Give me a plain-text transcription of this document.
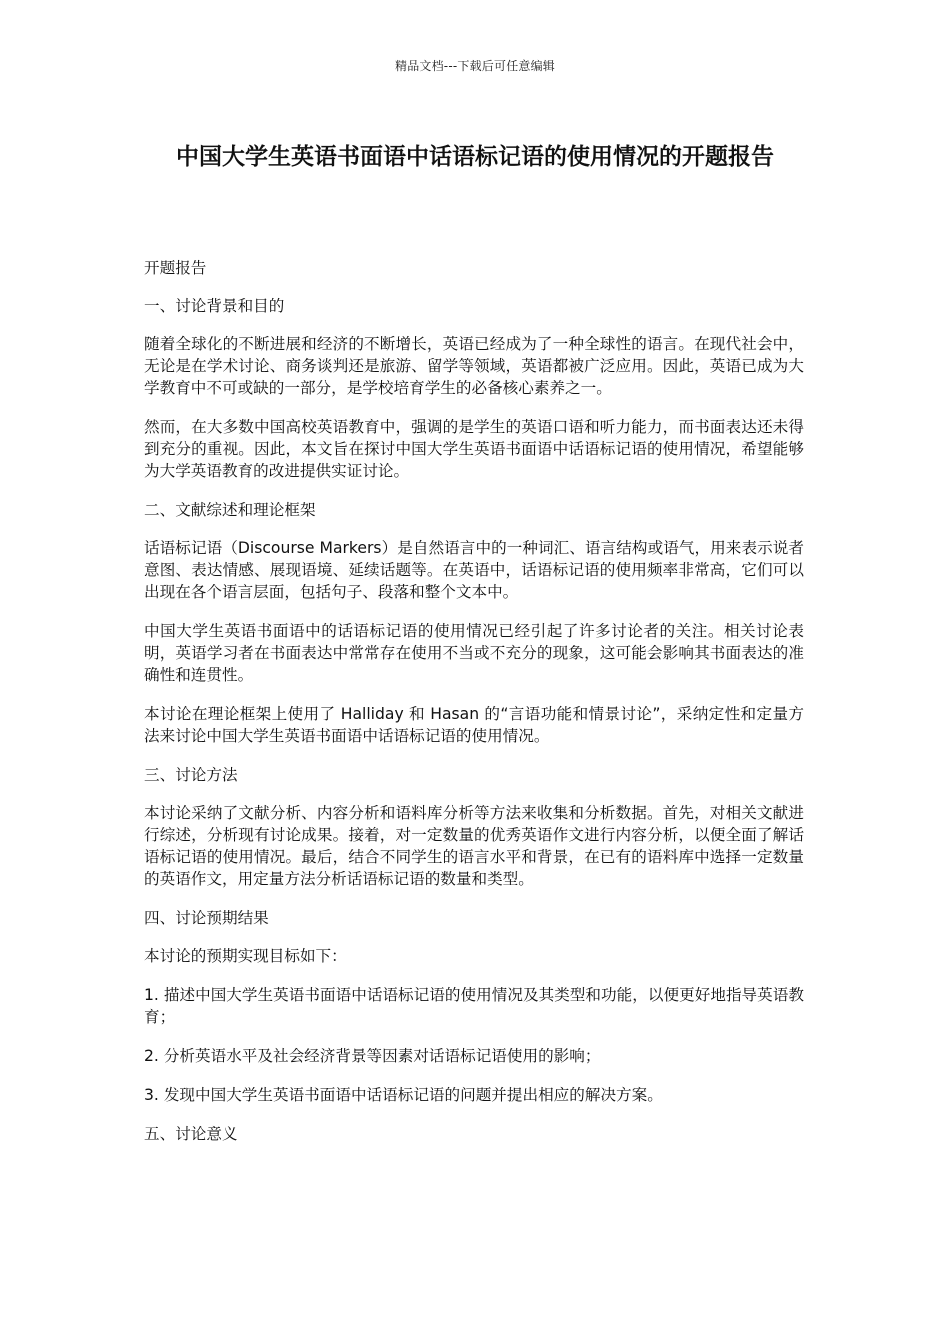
精品文档---下载后可任意编辑
中国大学生英语书面语中话语标记语的使用情况的开题报告

开题报告

一、讨论背景和目的

随着全球化的不断进展和经济的不断增长，英语已经成为了一种全球性的语言。在现代社会中，无论是在学术讨论、商务谈判还是旅游、留学等领域，英语都被广泛应用。因此，英语已成为大学教育中不可或缺的一部分，是学校培育学生的必备核心素养之一。

然而，在大多数中国高校英语教育中，强调的是学生的英语口语和听力能力，而书面表达还未得到充分的重视。因此，本文旨在探讨中国大学生英语书面语中话语标记语的使用情况，希望能够为大学英语教育的改进提供实证讨论。

二、文献综述和理论框架

话语标记语（Discourse Markers）是自然语言中的一种词汇、语言结构或语气，用来表示说者意图、表达情感、展现语境、延续话题等。在英语中，话语标记语的使用频率非常高，它们可以出现在各个语言层面，包括句子、段落和整个文本中。

中国大学生英语书面语中的话语标记语的使用情况已经引起了许多讨论者的关注。相关讨论表明，英语学习者在书面表达中常常存在使用不当或不充分的现象，这可能会影响其书面表达的准确性和连贯性。

本讨论在理论框架上使用了 Halliday 和 Hasan 的“言语功能和情景讨论”，采纳定性和定量方法来讨论中国大学生英语书面语中话语标记语的使用情况。

三、讨论方法

本讨论采纳了文献分析、内容分析和语料库分析等方法来收集和分析数据。首先，对相关文献进行综述，分析现有讨论成果。接着，对一定数量的优秀英语作文进行内容分析，以便全面了解话语标记语的使用情况。最后，结合不同学生的语言水平和背景，在已有的语料库中选择一定数量的英语作文，用定量方法分析话语标记语的数量和类型。

四、讨论预期结果

本讨论的预期实现目标如下：

1. 描述中国大学生英语书面语中话语标记语的使用情况及其类型和功能，以便更好地指导英语教育；

2. 分析英语水平及社会经济背景等因素对话语标记语使用的影响；

3. 发现中国大学生英语书面语中话语标记语的问题并提出相应的解决方案。

五、讨论意义
